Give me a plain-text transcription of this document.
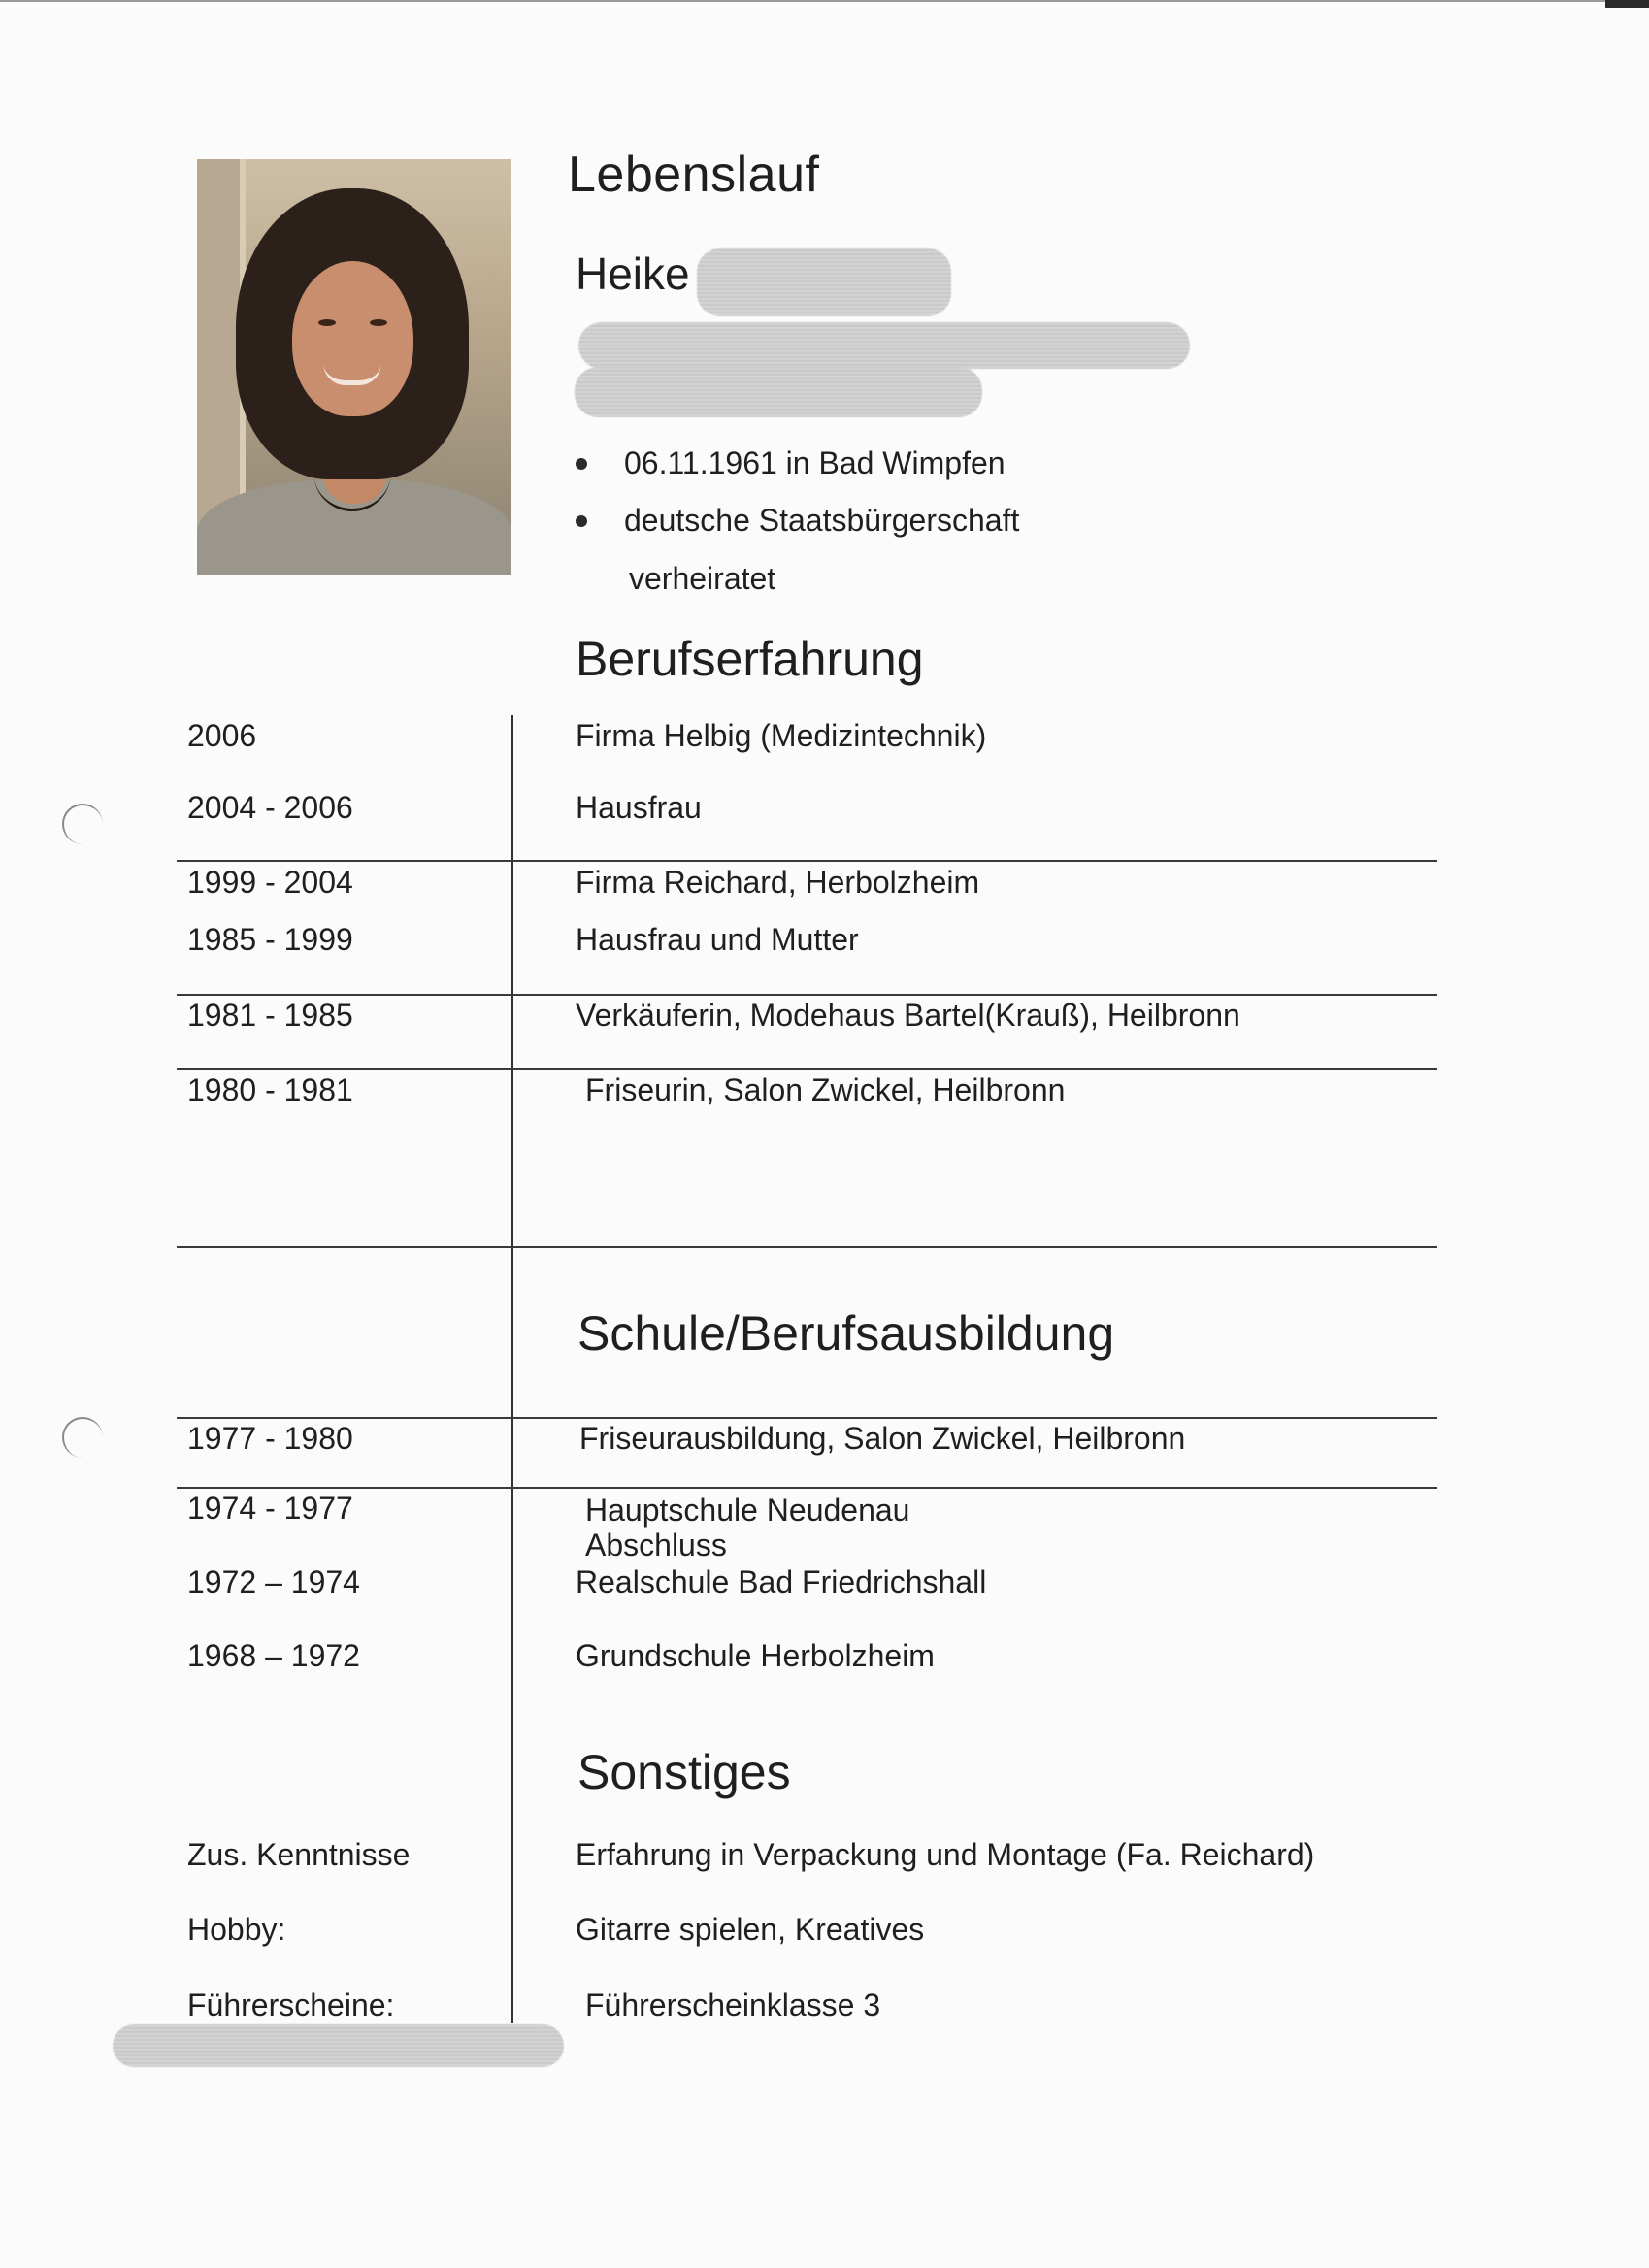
Lebenslauf
Heike
06.11.1961 in Bad Wimpfen
deutsche Staatsbürgerschaft
verheiratet
Berufserfahrung
2006	Firma Helbig (Medizintechnik)
2004 - 2006	Hausfrau
1999 - 2004	Firma Reichard, Herbolzheim
1985 - 1999	Hausfrau und Mutter
1981 - 1985	Verkäuferin, Modehaus Bartel(Krauß), Heilbronn
1980 - 1981	Friseurin, Salon Zwickel, Heilbronn
Schule/Berufsausbildung
1977 - 1980	Friseurausbildung, Salon Zwickel, Heilbronn
1974 - 1977	Hauptschule Neudenau
Abschluss
1972 – 1974	Realschule Bad Friedrichshall
1968 – 1972	Grundschule Herbolzheim
Sonstiges
Zus. Kenntnisse	Erfahrung in Verpackung und Montage (Fa. Reichard)
Hobby:	Gitarre spielen, Kreatives
Führerscheine:	Führerscheinklasse 3
